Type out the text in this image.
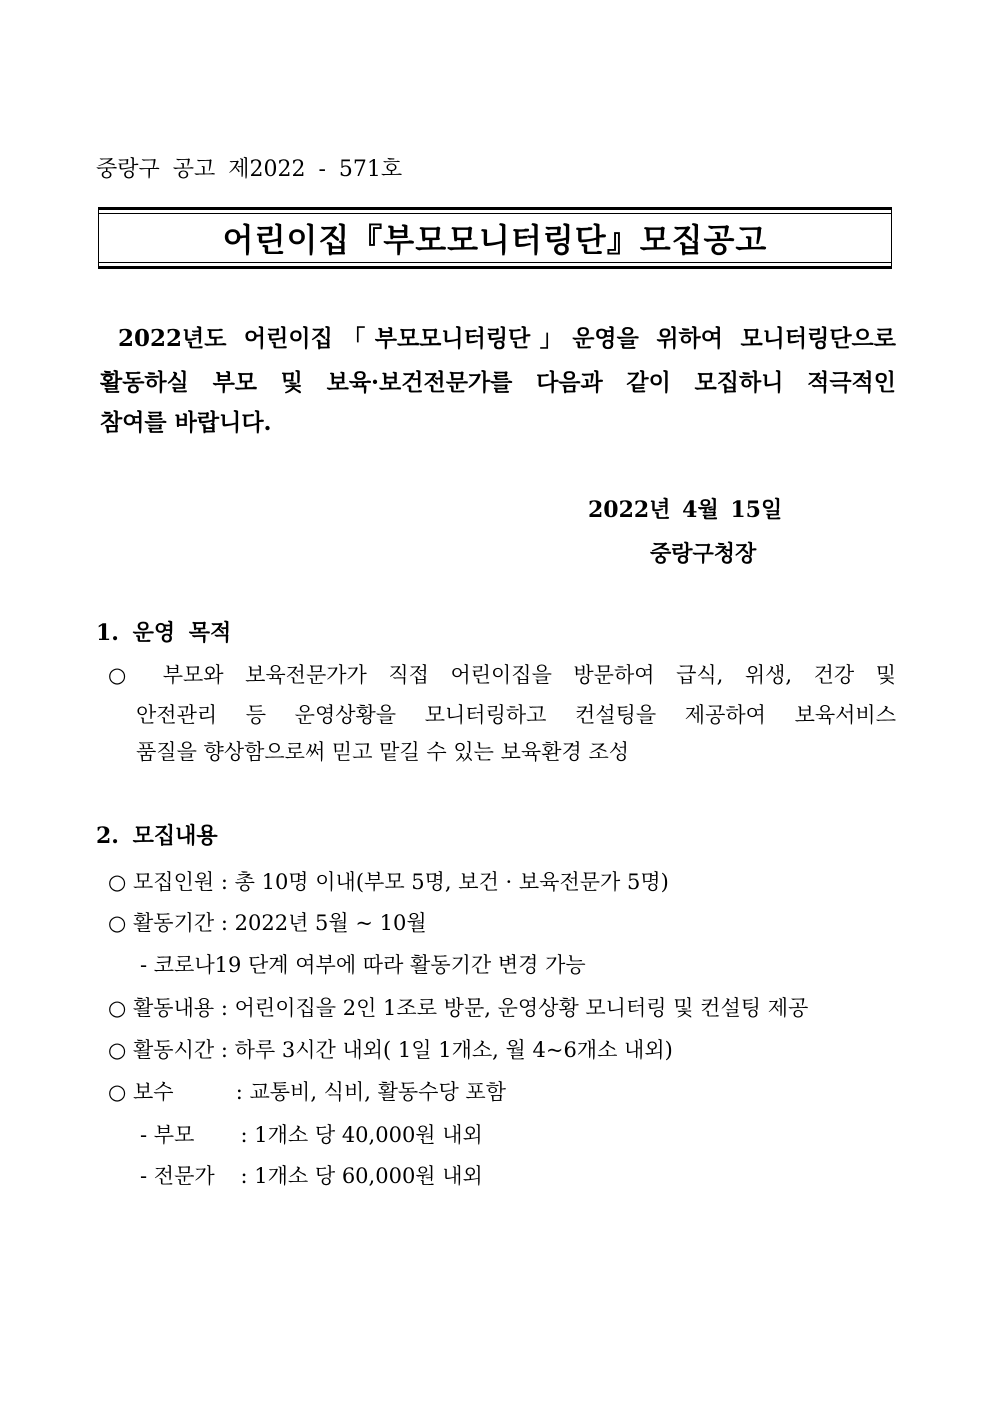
중랑구 공고 제2022 - 571호
어린이집『부모모니터링단』모집공고
2022년도 어린이집「부모모니터링단」운영을 위하여 모니터링단으로
활동하실 부모 및 보육·보건전문가를 다음과 같이 모집하니 적극적인
참여를 바랍니다.
2022년 4월 15일
중랑구청장
1. 운영 목적
○ 부모와 보육전문가가 직접 어린이집을 방문하여 급식, 위생, 건강 및
안전관리 등 운영상황을 모니터링하고 컨설팅을 제공하여 보육서비스
품질을 향상함으로써 믿고 맡길 수 있는 보육환경 조성
2. 모집내용
○ 모집인원 : 총 10명 이내(부모 5명, 보건 · 보육전문가 5명)
○ 활동기간 : 2022년 5월 ~ 10월
- 코로나19 단계 여부에 따라 활동기간 변경 가능
○ 활동내용 : 어린이집을 2인 1조로 방문, 운영상황 모니터링 및 컨설팅 제공
○ 활동시간 : 하루 3시간 내외( 1일 1개소, 월 4~6개소 내외)
○ 보수	: 교통비, 식비, 활동수당 포함
- 부모 : 1개소 당 40,000원 내외
- 전문가 : 1개소 당 60,000원 내외
